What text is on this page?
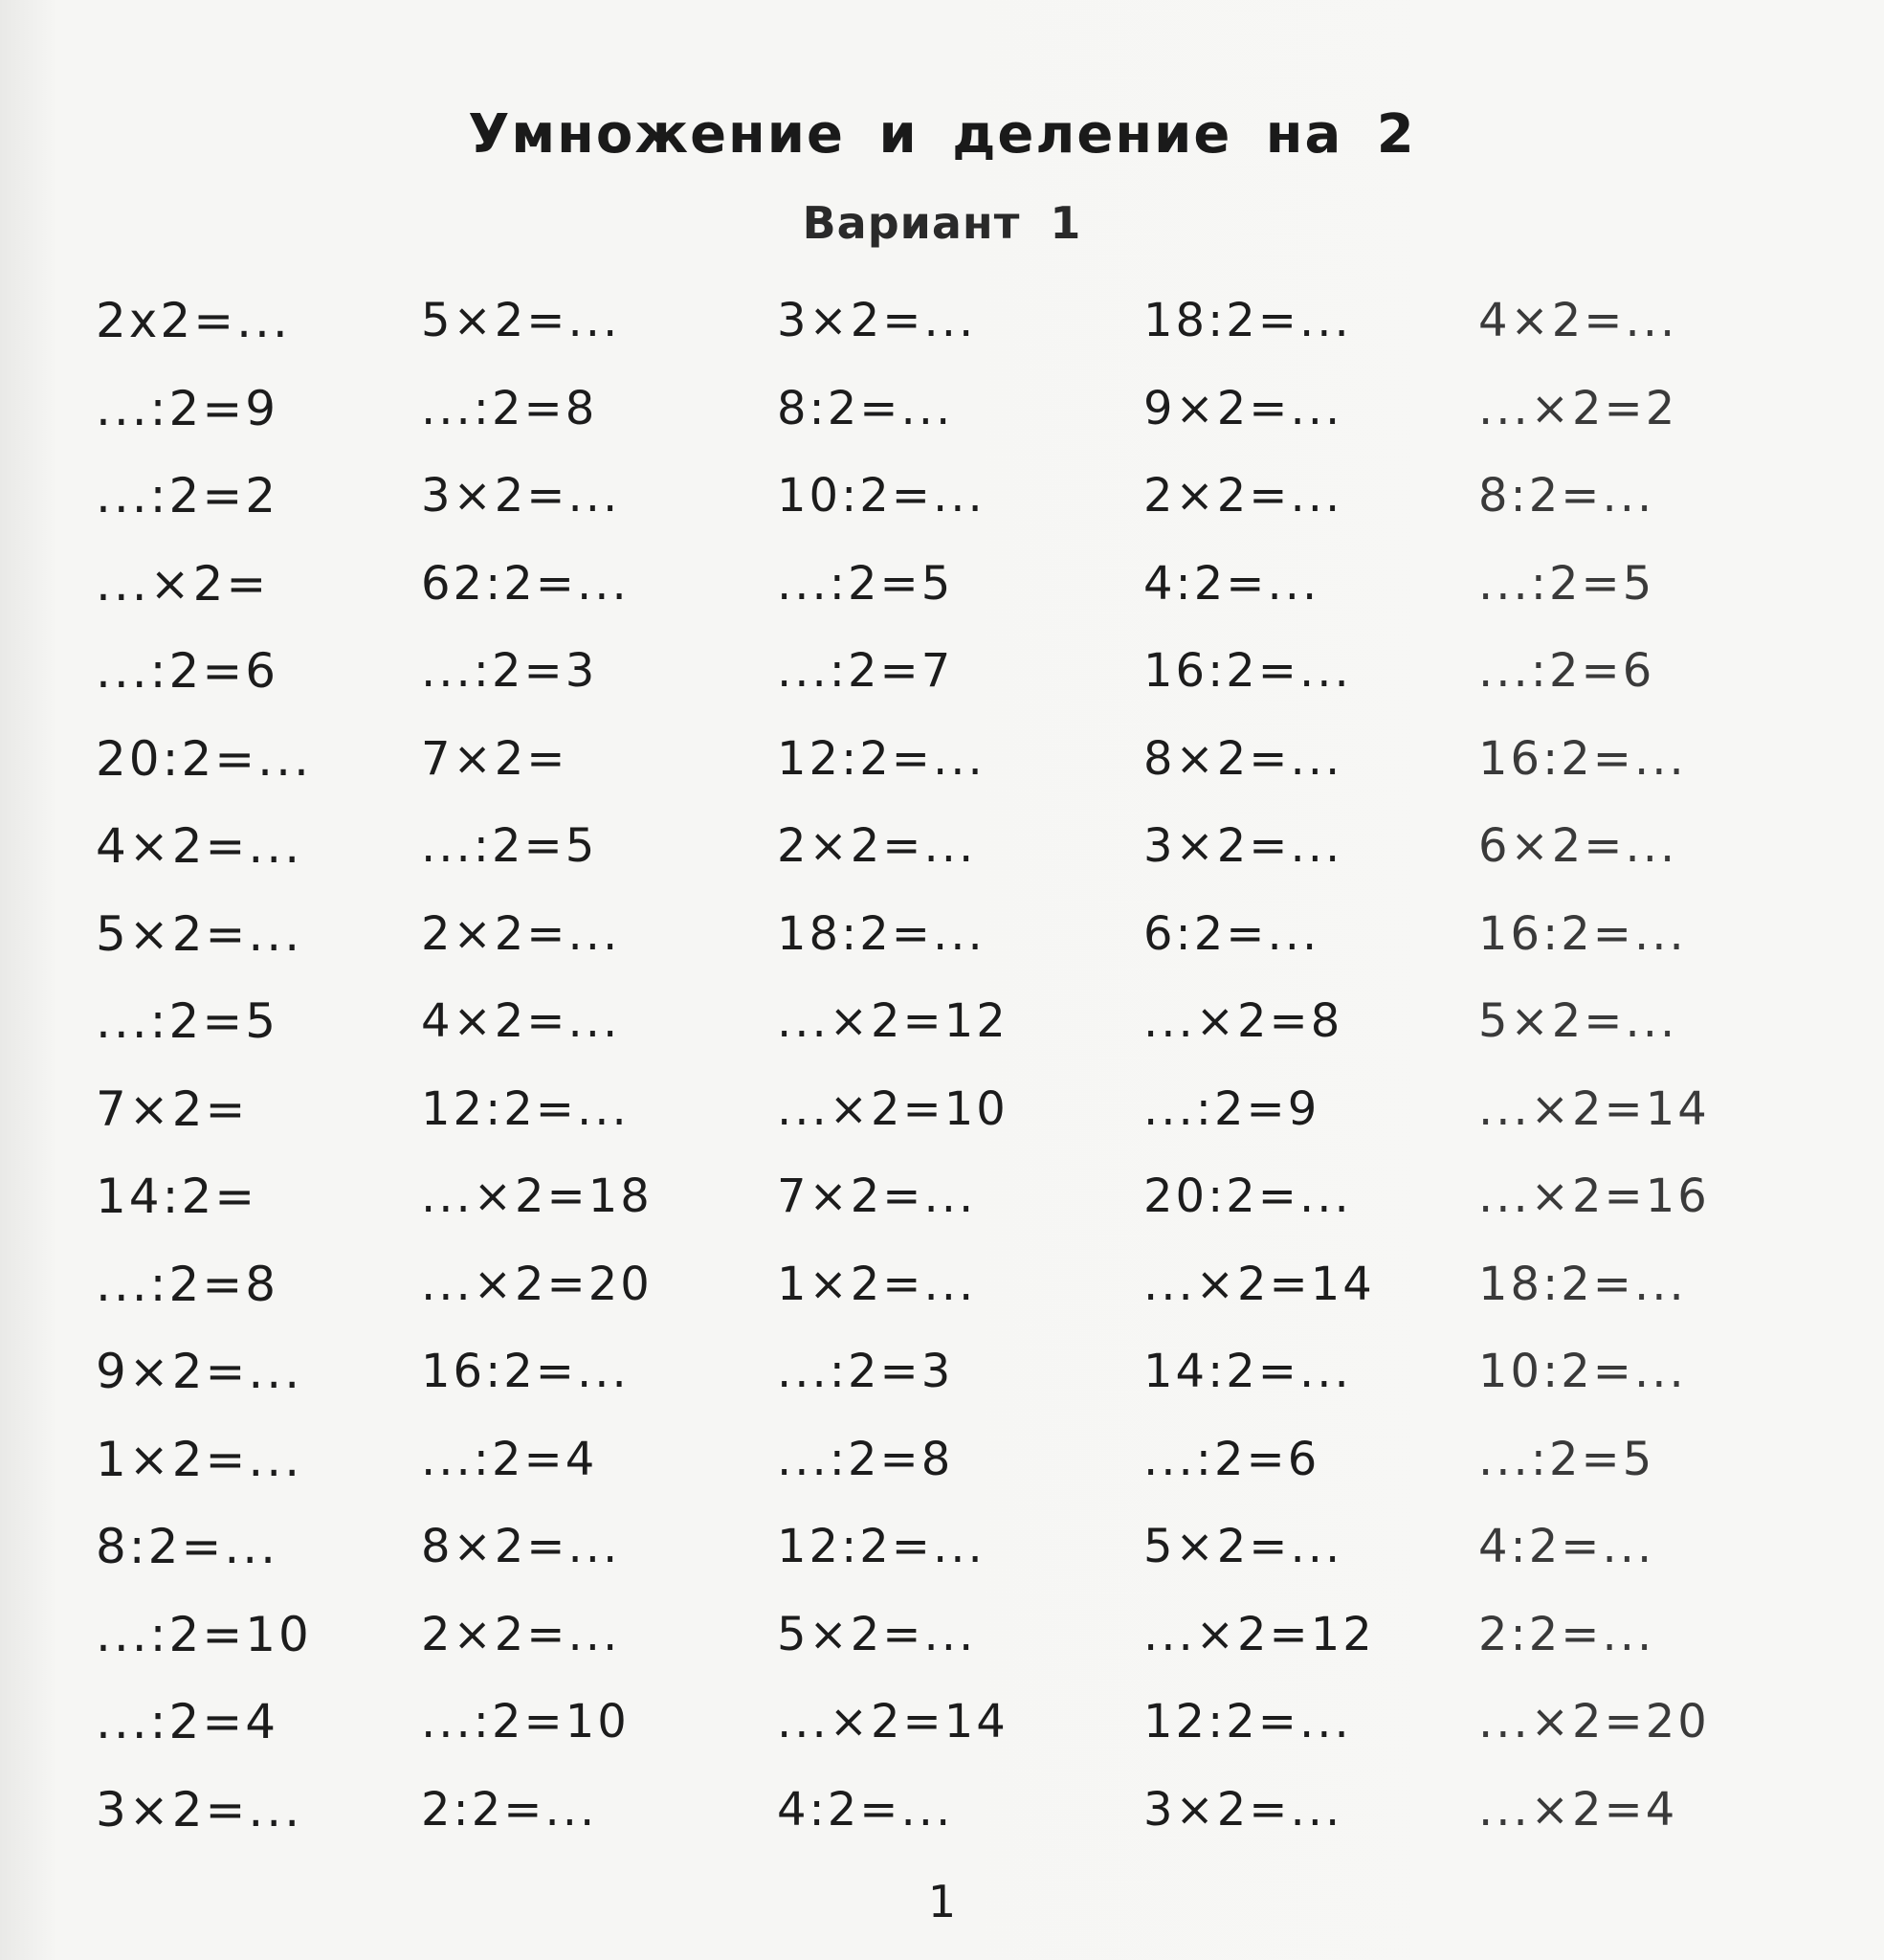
Умножение и деление на 2
Вариант 1
2x2=...
...:2=9
...:2=2
...×2=
...:2=6
20:2=...
4×2=...
5×2=...
...:2=5
7×2=
14:2=
...:2=8
9×2=...
1×2=...
8:2=...
...:2=10
...:2=4
3×2=...
5×2=...
...:2=8
3×2=...
62:2=...
...:2=3
7×2=
...:2=5
2×2=...
4×2=...
12:2=...
...×2=18
...×2=20
16:2=...
...:2=4
8×2=...
2×2=...
...:2=10
2:2=...
3×2=...
8:2=...
10:2=...
...:2=5
...:2=7
12:2=...
2×2=...
18:2=...
...×2=12
...×2=10
7×2=...
1×2=...
...:2=3
...:2=8
12:2=...
5×2=...
...×2=14
4:2=...
18:2=...
9×2=...
2×2=...
4:2=...
16:2=...
8×2=...
3×2=...
6:2=...
...×2=8
...:2=9
20:2=...
...×2=14
14:2=...
...:2=6
5×2=...
...×2=12
12:2=...
3×2=...
4×2=...
...×2=2
8:2=...
...:2=5
...:2=6
16:2=...
6×2=...
16:2=...
5×2=...
...×2=14
...×2=16
18:2=...
10:2=...
...:2=5
4:2=...
2:2=...
...×2=20
...×2=4
1
